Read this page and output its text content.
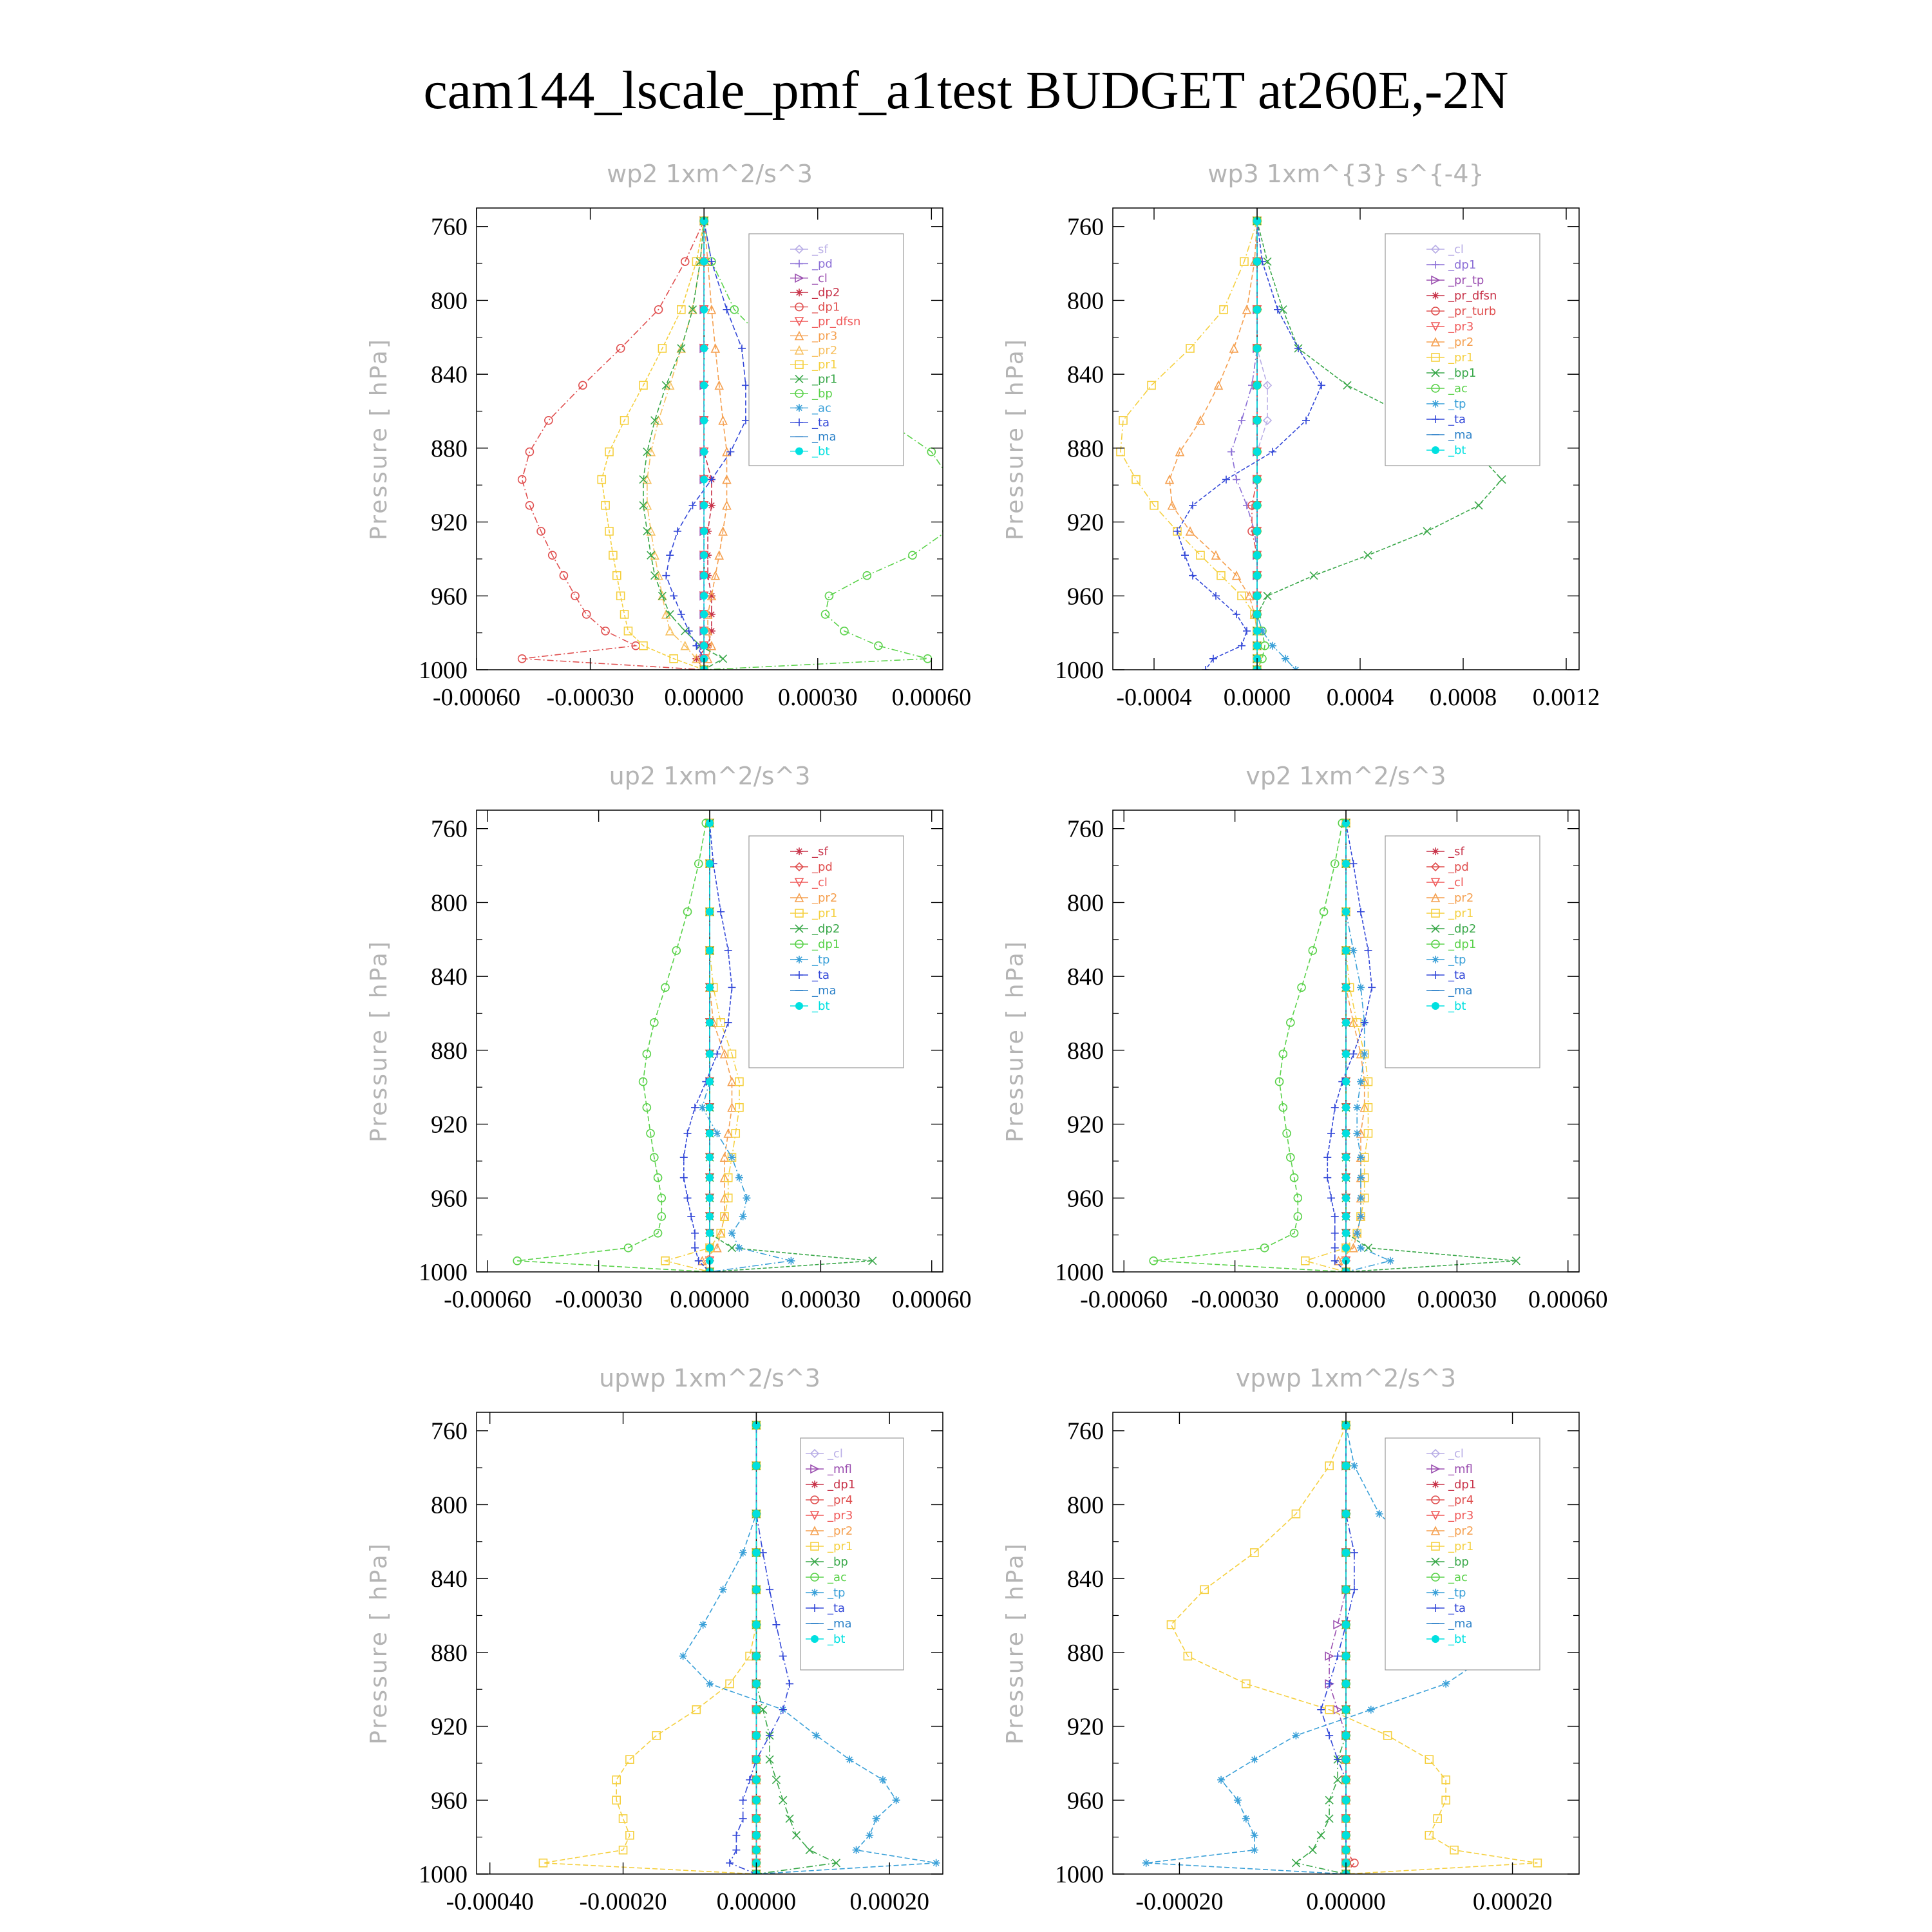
cam144_lscale_pmf_a1test BUDGET at260E,-2N
wp2 1xm^2/s^3
Pressure [ hPa]
760
800
840
880
920
960
1000
-0.00060 -0.00030 0.00000 0.00030 0.00060
_sf
_pd
_cl
_dp2
_dp1
_pr_dfsn
_pr3
_pr2
_pr1
_pr1
_bp
_ac
_ta
_ma
_bt
wp3 1xm^{3} s^{-4}
Pressure [ hPa]
760
800
840
880
920
960
1000
-0.0004 0.0000 0.0004 0.0008 0.0012
_cl
_dp1
_pr_tp
_pr_dfsn
_pr_turb
_pr3
_pr2
_pr1
_bp1
_ac
_tp
_ta
_ma
_bt
up2 1xm^2/s^3
Pressure [ hPa]
760
800
840
880
920
960
1000
-0.00060 -0.00030 0.00000 0.00030 0.00060
_sf
_pd
_cl
_pr2
_pr1
_dp2
_dp1
_tp
_ta
_ma
_bt
vp2 1xm^2/s^3
Pressure [ hPa]
760
800
840
880
920
960
1000
-0.00060 -0.00030 0.00000 0.00030 0.00060
_sf
_pd
_cl
_pr2
_pr1
_dp2
_dp1
_tp
_ta
_ma
_bt
upwp 1xm^2/s^3
Pressure [ hPa]
760
800
840
880
920
960
1000
-0.00040 -0.00020 0.00000 0.00020
_cl
_mfl
_dp1
_pr4
_pr3
_pr2
_pr1
_bp
_ac
_tp
_ta
_ma
_bt
vpwp 1xm^2/s^3
Pressure [ hPa]
760
800
840
880
920
960
1000
-0.00020	0.00000	0.00020
_cl
_mfl
_dp1
_pr4
_pr3
_pr2
_pr1
_bp
_ac
_tp
_ta
_ma
_bt
